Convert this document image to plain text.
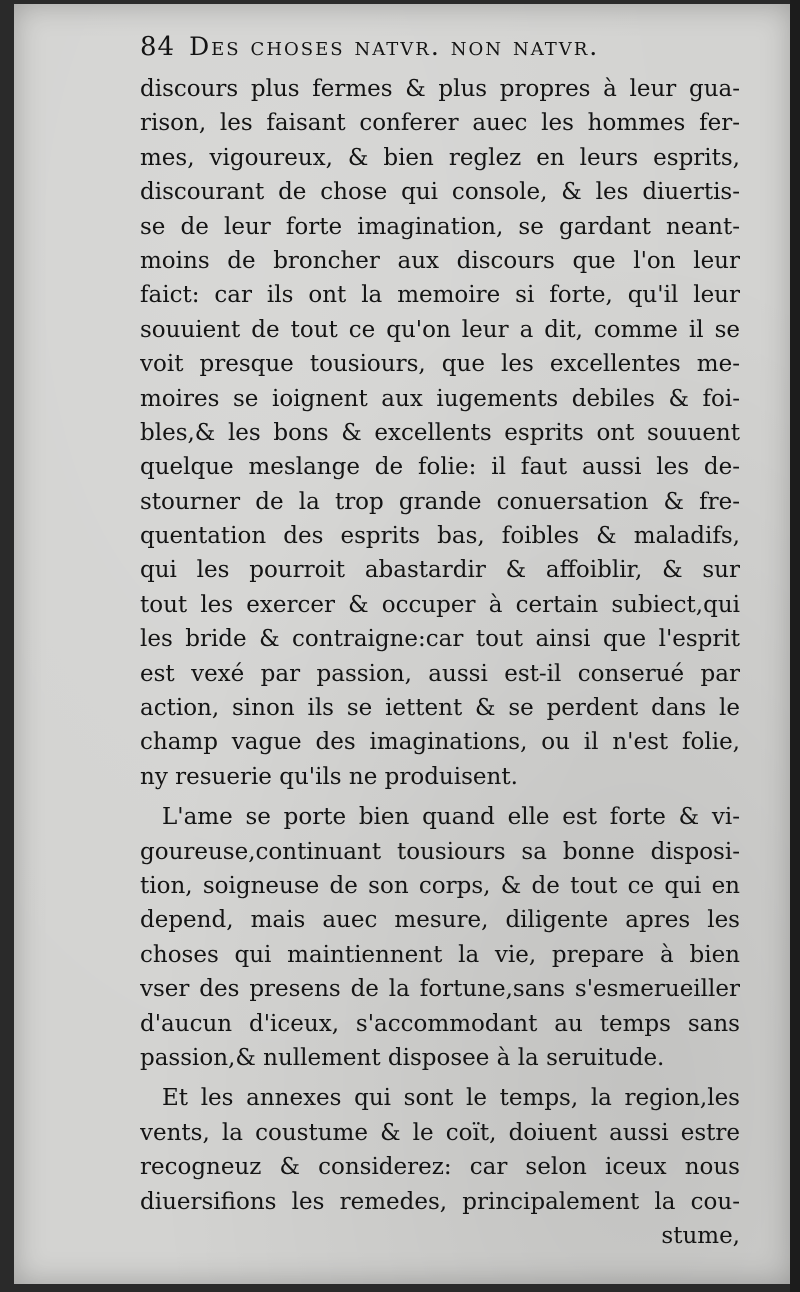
84 Des choses natvr. non natvr.
discours plus fermes & plus propres à leur gua-
rison, les faisant conferer auec les hommes fer-
mes, vigoureux, & bien reglez en leurs esprits,
discourant de chose qui console, & les diuertis-
se de leur forte imagination, se gardant neant-
moins de broncher aux discours que l'on leur
faict: car ils ont la memoire si forte, qu'il leur
souuient de tout ce qu'on leur a dit, comme il se
voit presque tousiours, que les excellentes me-
moires se ioignent aux iugements debiles & foi-
bles,& les bons & excellents esprits ont souuent
quelque meslange de folie: il faut aussi les de-
stourner de la trop grande conuersation & fre-
quentation des esprits bas, foibles & maladifs,
qui les pourroit abastardir & affoiblir, & sur
tout les exercer & occuper à certain subiect,qui
les bride & contraigne:car tout ainsi que l'esprit
est vexé par passion, aussi est-il conserué par
action, sinon ils se iettent & se perdent dans le
champ vague des imaginations, ou il n'est folie,
ny resuerie qu'ils ne produisent.
L'ame se porte bien quand elle est forte & vi-
goureuse,continuant tousiours sa bonne disposi-
tion, soigneuse de son corps, & de tout ce qui en
depend, mais auec mesure, diligente apres les
choses qui maintiennent la vie, prepare à bien
vser des presens de la fortune,sans s'esmerueiller
d'aucun d'iceux, s'accommodant au temps sans
passion,& nullement disposee à la seruitude.
Et les annexes qui sont le temps, la region,les
vents, la coustume & le coït, doiuent aussi estre
recogneuz & considerez: car selon iceux nous
diuersifions les remedes, principalement la cou-
stume,
